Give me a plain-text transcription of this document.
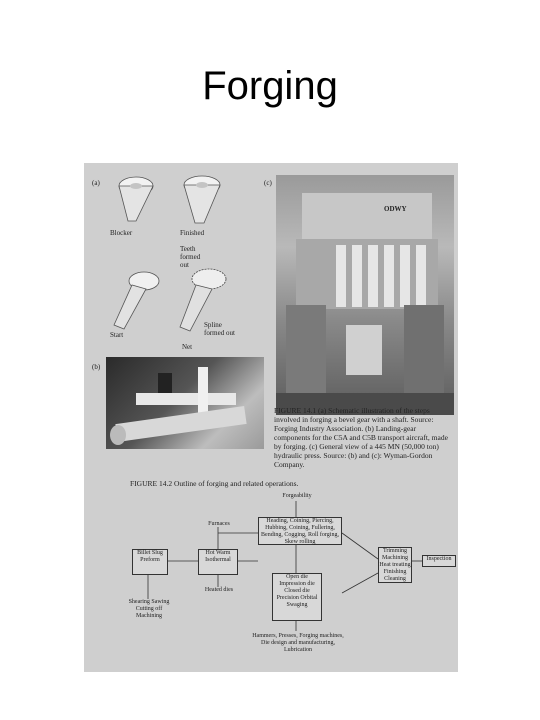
Forging
(a)	(c)
(b)
Blocker	Finished
Teeth formed out
Spline formed out
Start
Net
ODWY
FIGURE 14.1 (a) Schematic illustration of the steps involved in forging a bevel gear with a shaft. Source: Forging Industry Association. (b) Landing-gear components for the C5A and C5B transport aircraft, made by forging. (c) General view of a 445 MN (50,000 ton) hydraulic press. Source: (b) and (c): Wyman-Gordon Company.
FIGURE 14.2 Outline of forging and related operations.
Forgeability
Furnaces	Heading, Coining, Piercing, Hubbing, Coining, Fullering, Bending, Cogging, Roll forging, Skew rolling
Billet Slug Preform
Hot Warm Isothermal
Trimming Machining Heat treating Finishing Cleaning
Inspection
Shearing Sawing Cutting off Machining
Heated dies
Open die Impression die Closed die Precision Orbital Swaging
Hammers, Presses, Forging machines, Die design and manufacturing, Lubrication
